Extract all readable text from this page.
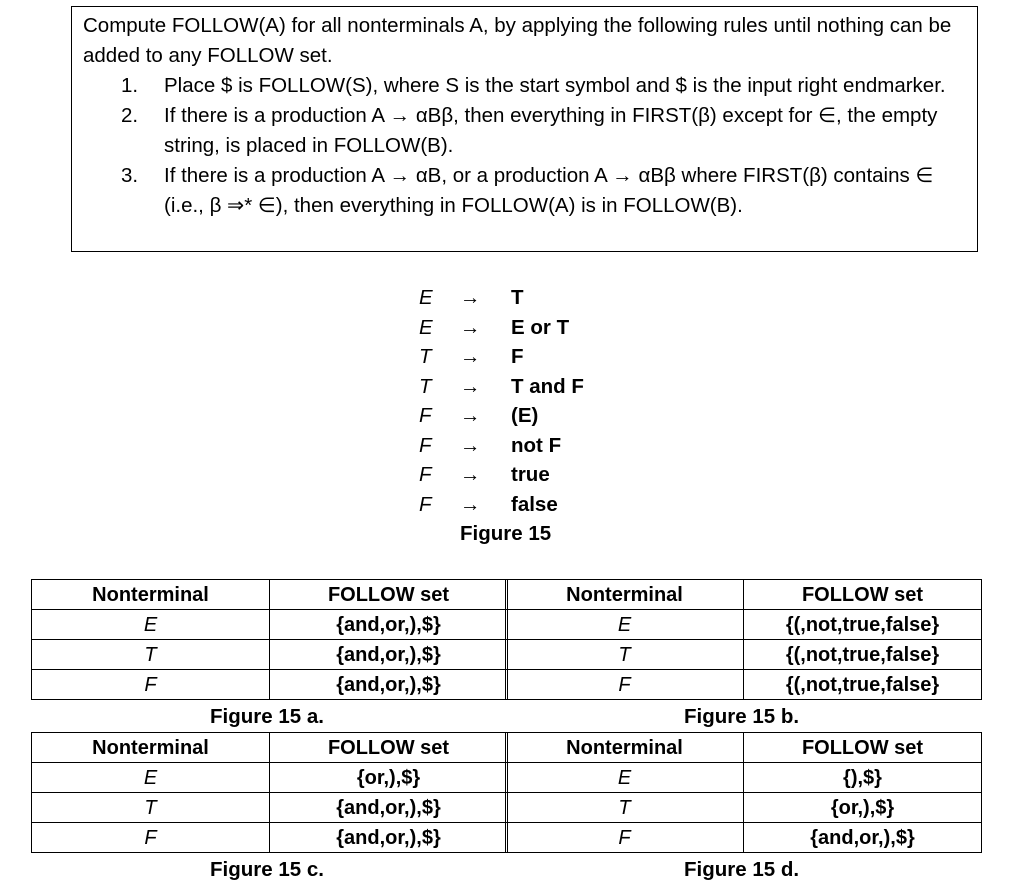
Compute FOLLOW(A) for all nonterminals A, by applying the following rules until nothing can be added to any FOLLOW set.

1. Place $ is FOLLOW(S), where S is the start symbol and $ is the input right endmarker.
2. If there is a production A → αBβ, then everything in FIRST(β) except for ∈, the empty string, is placed in FOLLOW(B).
3. If there is a production A → αB, or a production A → αBβ where FIRST(β) contains ∈ (i.e., β ⇒* ∈), then everything in FOLLOW(A) is in FOLLOW(B).
E → T
E → E or T
T → F
T → T and F
F → (E)
F → not F
F → true
F → false
Figure 15
Nonterminal	FOLLOW set
E	{and,or,),$}
T	{and,or,),$}
F	{and,or,),$}
Figure 15 a.
Nonterminal	FOLLOW set
E	{(,not,true,false}
T	{(,not,true,false}
F	{(,not,true,false}
Figure 15 b.
Nonterminal	FOLLOW set
E	{or,),$}
T	{and,or,),$}
F	{and,or,),$}
Figure 15 c.
Nonterminal	FOLLOW set
E	{),$}
T	{or,),$}
F	{and,or,),$}
Figure 15 d.
